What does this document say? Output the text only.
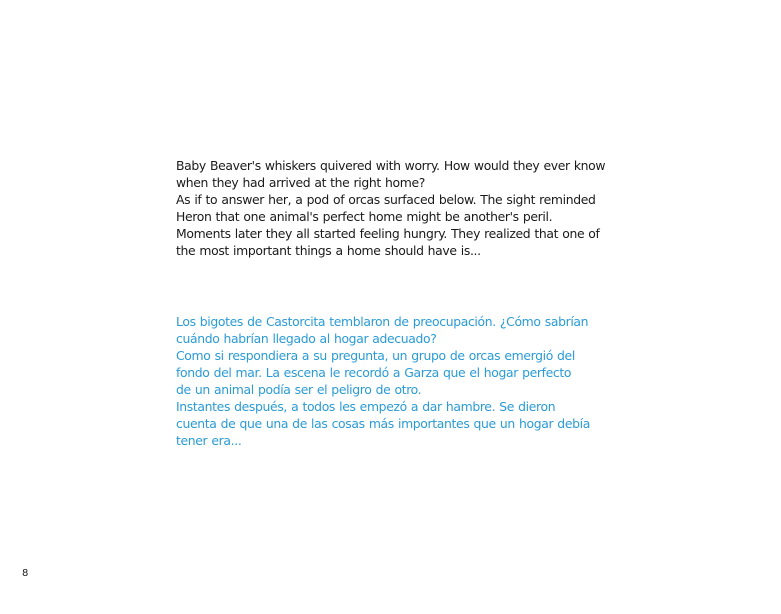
Baby Beaver's whiskers quivered with worry. How would they ever know
when they had arrived at the right home?
As if to answer her, a pod of orcas surfaced below. The sight reminded
Heron that one animal's perfect home might be another's peril.
Moments later they all started feeling hungry. They realized that one of
the most important things a home should have is...
Los bigotes de Castorcita temblaron de preocupación. ¿Cómo sabrían
cuándo habrían llegado al hogar adecuado?
Como si respondiera a su pregunta, un grupo de orcas emergió del
fondo del mar. La escena le recordó a Garza que el hogar perfecto
de un animal podía ser el peligro de otro.
Instantes después, a todos les empezó a dar hambre. Se dieron
cuenta de que una de las cosas más importantes que un hogar debía
tener era...
8
